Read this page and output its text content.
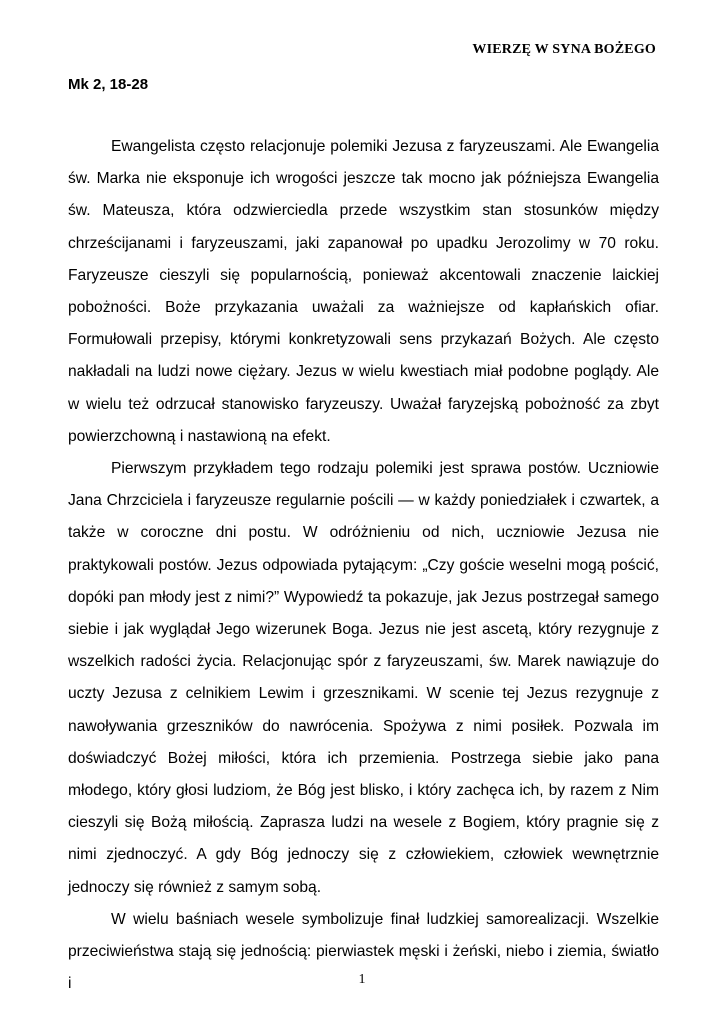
WIERZĘ W SYNA BOŻEGO
Mk 2, 18-28

Ewangelista często relacjonuje polemiki Jezusa z faryzeuszami. Ale Ewangelia św. Marka nie eksponuje ich wrogości jeszcze tak mocno jak późniejsza Ewangelia św. Mateusza, która odzwierciedla przede wszystkim stan stosunków między chrześcijanami i faryzeuszami, jaki zapanował po upadku Jerozolimy w 70 roku. Faryzeusze cieszyli się popularnością, ponieważ akcentowali znaczenie laickiej pobożności. Boże przykazania uważali za ważniejsze od kapłańskich ofiar. Formułowali przepisy, którymi konkretyzowali sens przykazań Bożych. Ale często nakładali na ludzi nowe ciężary. Jezus w wielu kwestiach miał podobne poglądy. Ale w wielu też odrzucał stanowisko faryzeuszy. Uważał faryzejską pobożność za zbyt powierzchowną i nastawioną na efekt.

Pierwszym przykładem tego rodzaju polemiki jest sprawa postów. Uczniowie Jana Chrzciciela i faryzeusze regularnie pościli — w każdy poniedziałek i czwartek, a także w coroczne dni postu. W odróżnieniu od nich, uczniowie Jezusa nie praktykowali postów. Jezus odpowiada pytającym: „Czy goście weselni mogą pościć, dopóki pan młody jest z nimi?” Wypowiedź ta pokazuje, jak Jezus postrzegał samego siebie i jak wyglądał Jego wizerunek Boga. Jezus nie jest ascetą, który rezygnuje z wszelkich radości życia. Relacjonując spór z faryzeuszami, św. Marek nawiązuje do uczty Jezusa z celnikiem Lewim i grzesznikami. W scenie tej Jezus rezygnuje z nawoływania grzeszników do nawrócenia. Spożywa z nimi posiłek. Pozwala im doświadczyć Bożej miłości, która ich przemienia. Postrzega siebie jako pana młodego, który głosi ludziom, że Bóg jest blisko, i który zachęca ich, by razem z Nim cieszyli się Bożą miłością. Zaprasza ludzi na wesele z Bogiem, który pragnie się z nimi zjednoczyć. A gdy Bóg jednoczy się z człowiekiem, człowiek wewnętrznie jednoczy się również z samym sobą.

W wielu baśniach wesele symbolizuje finał ludzkiej samorealizacji. Wszelkie przeciwieństwa stają się jednością: pierwiastek męski i żeński, niebo i ziemia, światło i	1
